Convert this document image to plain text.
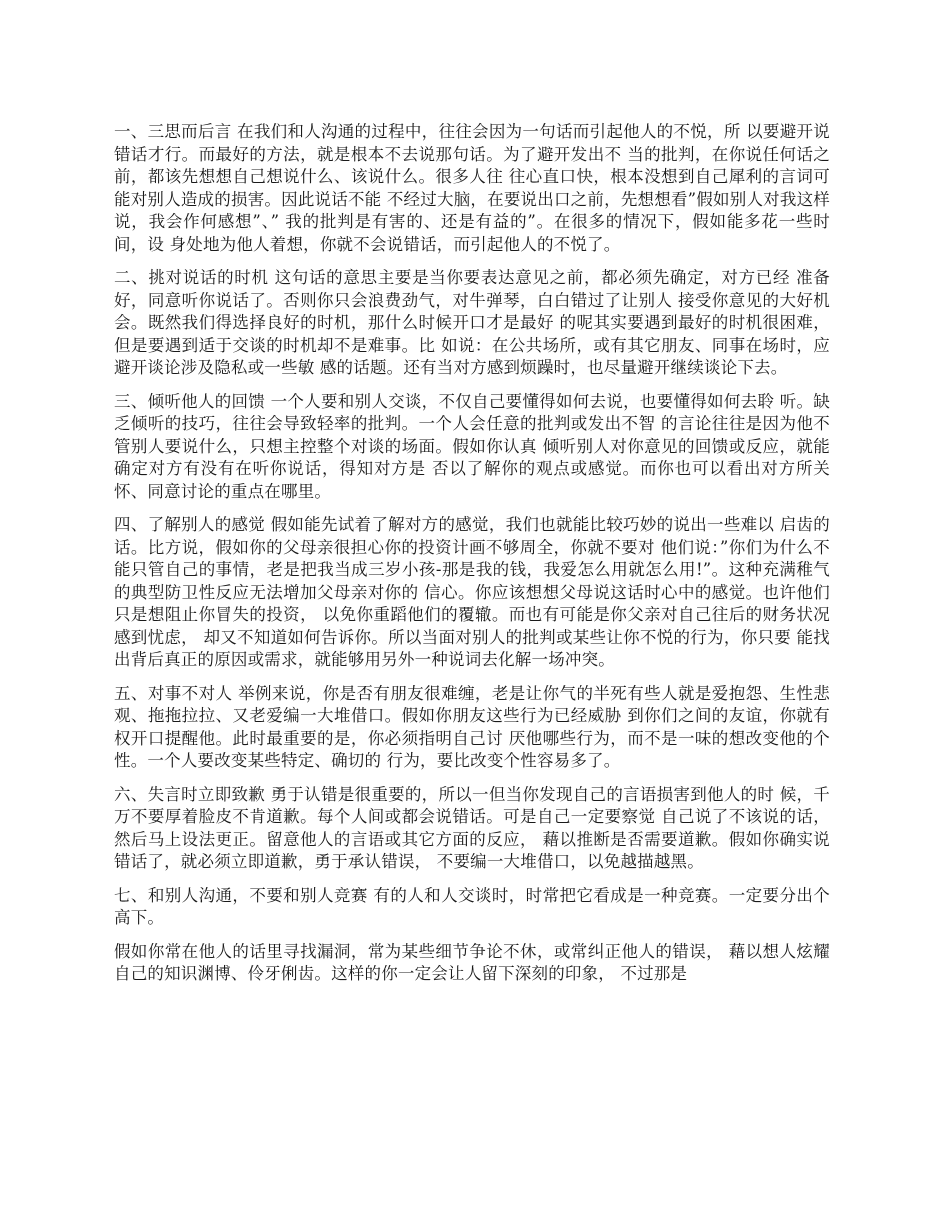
一、三思而后言 在我们和人沟通的过程中，往往会因为一句话而引起他人的不悦，所 以要避开说错话才行。而最好的方法，就是根本不去说那句话。为了避开发出不 当的批判，在你说任何话之前，都该先想想自己想说什么、该说什么。很多人往 往心直口快，根本没想到自己犀利的言词可能对别人造成的损害。因此说话不能 不经过大脑，在要说出口之前，先想想看”假如别人对我这样说，我会作何感想”、” 我的批判是有害的、还是有益的”。在很多的情况下，假如能多花一些时间，设 身处地为他人着想，你就不会说错话，而引起他人的不悦了。

二、挑对说话的时机 这句话的意思主要是当你要表达意见之前，都必须先确定，对方已经 准备好，同意听你说话了。否则你只会浪费劲气，对牛弹琴，白白错过了让别人 接受你意见的大好机会。既然我们得选择良好的时机，那什么时候开口才是最好 的呢其实要遇到最好的时机很困难，但是要遇到适于交谈的时机却不是难事。比 如说：在公共场所，或有其它朋友、同事在场时，应避开谈论涉及隐私或一些敏 感的话题。还有当对方感到烦躁时，也尽量避开继续谈论下去。

三、倾听他人的回馈 一个人要和别人交谈，不仅自己要懂得如何去说，也要懂得如何去聆 听。缺乏倾听的技巧，往往会导致轻率的批判。一个人会任意的批判或发出不智 的言论往往是因为他不管别人要说什么，只想主控整个对谈的场面。假如你认真 倾听别人对你意见的回馈或反应，就能确定对方有没有在听你说话，得知对方是 否以了解你的观点或感觉。而你也可以看出对方所关怀、同意讨论的重点在哪里。

四、了解别人的感觉 假如能先试着了解对方的感觉，我们也就能比较巧妙的说出一些难以 启齿的话。比方说，假如你的父母亲很担心你的投资计画不够周全，你就不要对 他们说：”你们为什么不能只管自己的事情，老是把我当成三岁小孩-那是我的钱，我爱怎么用就怎么用!”。这种充满稚气的典型防卫性反应无法增加父母亲对你的 信心。你应该想想父母说这话时心中的感觉。也许他们只是想阻止你冒失的投资， 以免你重蹈他们的覆辙。而也有可能是你父亲对自己往后的财务状况感到忧虑， 却又不知道如何告诉你。所以当面对别人的批判或某些让你不悦的行为，你只要 能找出背后真正的原因或需求，就能够用另外一种说词去化解一场冲突。

五、对事不对人 举例来说，你是否有朋友很难缠，老是让你气的半死有些人就是爱抱怨、生性悲观、拖拖拉拉、又老爱编一大堆借口。假如你朋友这些行为已经威胁 到你们之间的友谊，你就有权开口提醒他。此时最重要的是，你必须指明自己讨 厌他哪些行为，而不是一味的想改变他的个性。一个人要改变某些特定、确切的 行为，要比改变个性容易多了。

六、失言时立即致歉 勇于认错是很重要的，所以一但当你发现自己的言语损害到他人的时 候，千万不要厚着脸皮不肯道歉。每个人间或都会说错话。可是自己一定要察觉 自己说了不该说的话，然后马上设法更正。留意他人的言语或其它方面的反应， 藉以推断是否需要道歉。假如你确实说错话了，就必须立即道歉，勇于承认错误， 不要编一大堆借口，以免越描越黑。

七、和别人沟通，不要和别人竞赛 有的人和人交谈时，时常把它看成是一种竞赛。一定要分出个高下。

假如你常在他人的话里寻找漏洞，常为某些细节争论不休，或常纠正他人的错误， 藉以想人炫耀自己的知识渊博、伶牙俐齿。这样的你一定会让人留下深刻的印象， 不过那是
